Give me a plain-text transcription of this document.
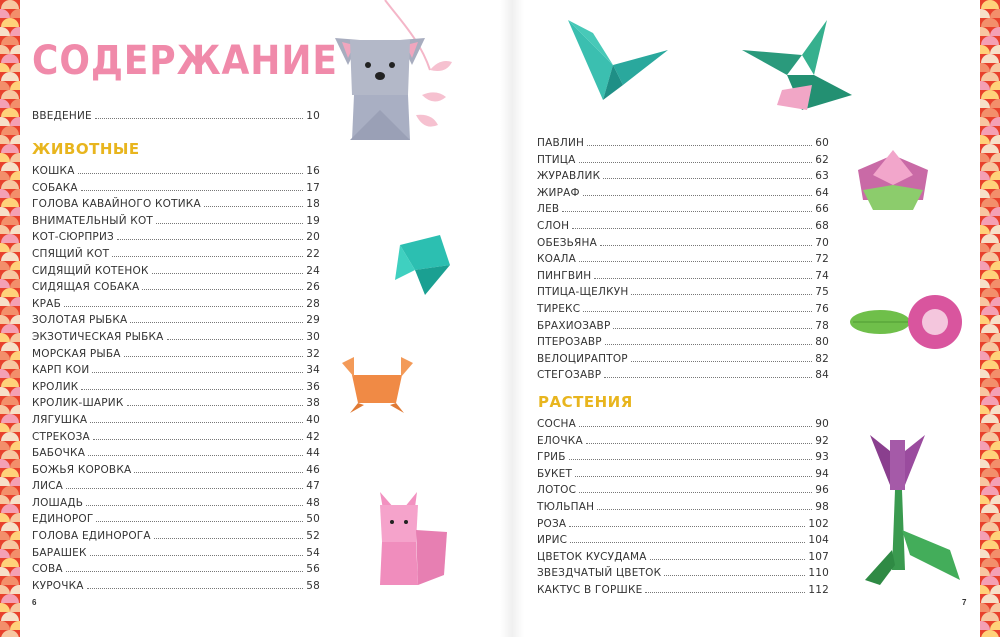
СОДЕРЖАНИЕ
ВВЕДЕНИЕ	10
ЖИВОТНЫЕ
КОШКА	16
СОБАКА	17
ГОЛОВА КАВАЙНОГО КОТИКА	18
ВНИМАТЕЛЬНЫЙ КОТ	19
КОТ-СЮРПРИЗ	20
СПЯЩИЙ КОТ	22
СИДЯЩИЙ КОТЕНОК	24
СИДЯЩАЯ СОБАКА	26
КРАБ	28
ЗОЛОТАЯ РЫБКА	29
ЭКЗОТИЧЕСКАЯ РЫБКА	30
МОРСКАЯ РЫБА	32
КАРП КОИ	34
КРОЛИК	36
КРОЛИК-ШАРИК	38
ЛЯГУШКА	40
СТРЕКОЗА	42
БАБОЧКА	44
БОЖЬЯ КОРОВКА	46
ЛИСА	47
ЛОШАДЬ	48
ЕДИНОРОГ	50
ГОЛОВА ЕДИНОРОГА	52
БАРАШЕК	54
СОВА	56
КУРОЧКА	58
6
ПАВЛИН	60
ПТИЦА	62
ЖУРАВЛИК	63
ЖИРАФ	64
ЛЕВ	66
СЛОН	68
ОБЕЗЬЯНА	70
КОАЛА	72
ПИНГВИН	74
ПТИЦА-ЩЕЛКУН	75
ТИРЕКС	76
БРАХИОЗАВР	78
ПТЕРОЗАВР	80
ВЕЛОЦИРАПТОР	82
СТЕГОЗАВР	84
РАСТЕНИЯ
СОСНА	90
ЕЛОЧКА	92
ГРИБ	93
БУКЕТ	94
ЛОТОС	96
ТЮЛЬПАН	98
РОЗА	102
ИРИС	104
ЦВЕТОК КУСУДАМА	107
ЗВЕЗДЧАТЫЙ ЦВЕТОК	110
КАКТУС В ГОРШКЕ	112
7
